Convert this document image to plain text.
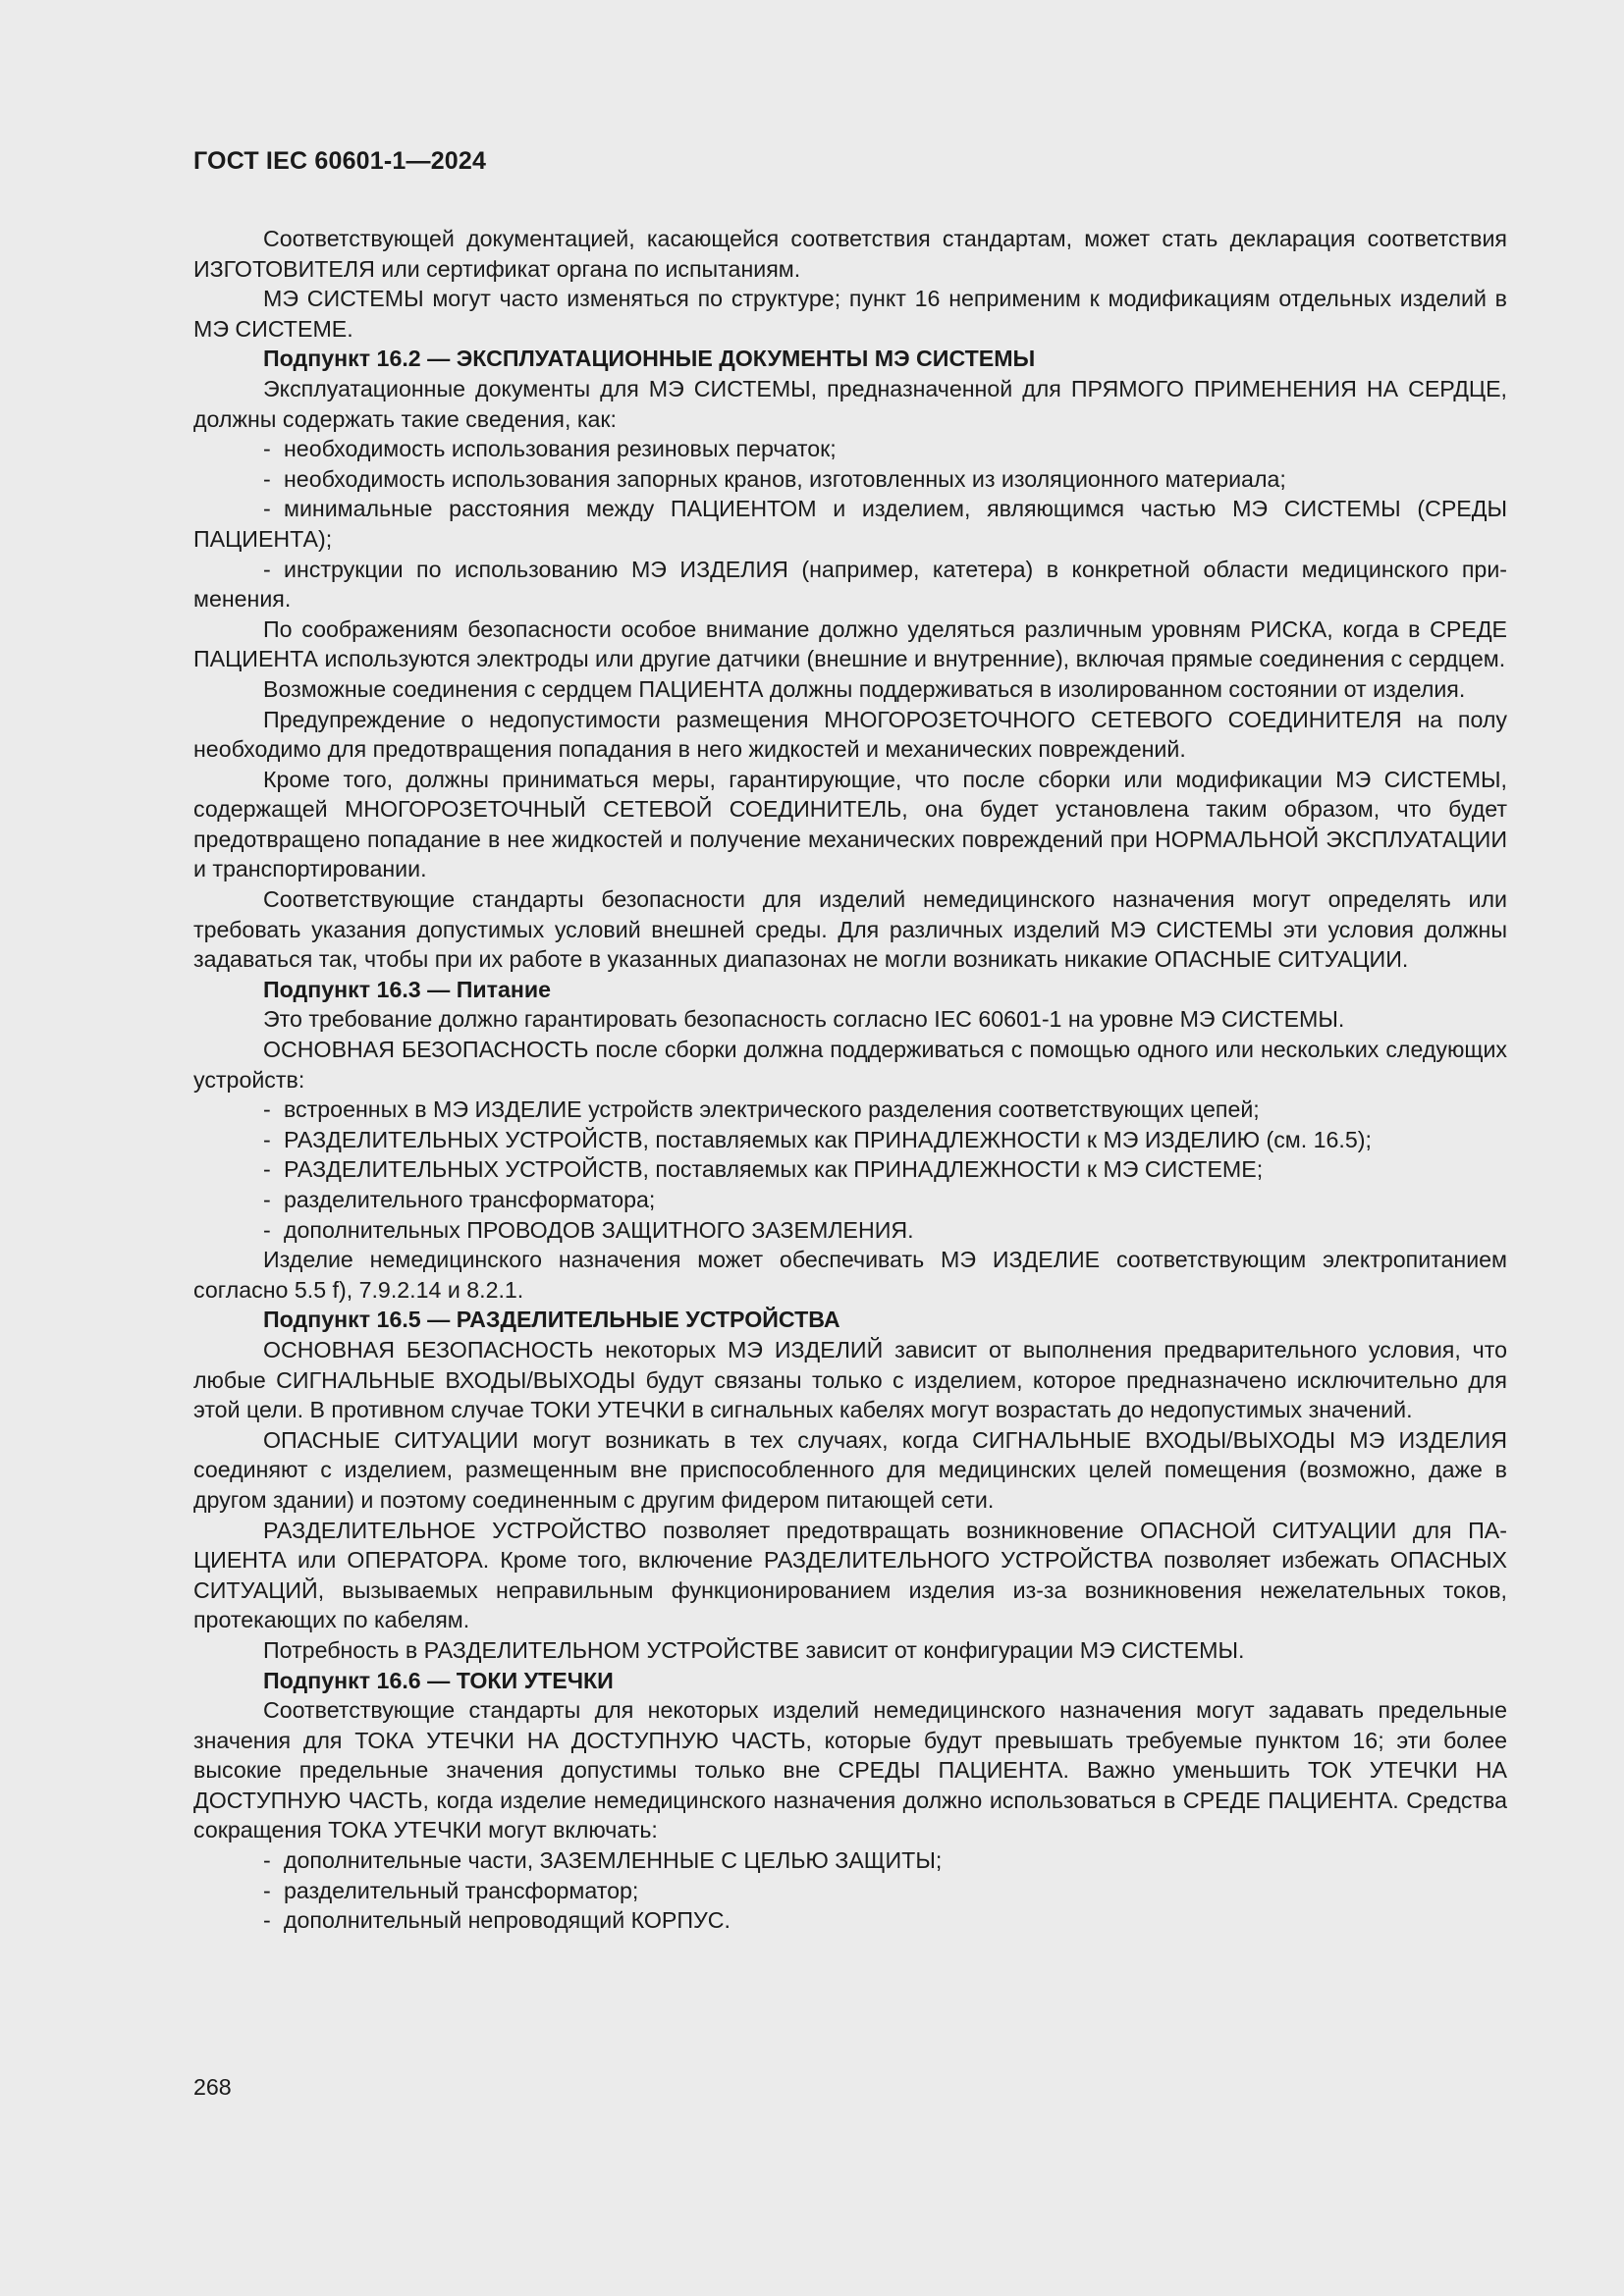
ГОСТ IEC 60601-1—2024

Соответствующей документацией, касающейся соответствия стандартам, может стать декларация соответствия ИЗГОТОВИТЕЛЯ или сертификат органа по испытаниям.

МЭ СИСТЕМЫ могут часто изменяться по структуре; пункт 16 неприменим к модификациям отдельных изделий в МЭ СИСТЕМЕ.

Подпункт 16.2 — ЭКСПЛУАТАЦИОННЫЕ ДОКУМЕНТЫ МЭ СИСТЕМЫ

Эксплуатационные документы для МЭ СИСТЕМЫ, предназначенной для ПРЯМОГО ПРИМЕНЕНИЯ НА СЕРДЦЕ, должны содержать такие сведения, как:

- необходимость использования резиновых перчаток;

- необходимость использования запорных кранов, изготовленных из изоляционного материала;

- минимальные расстояния между ПАЦИЕНТОМ и изделием, являющимся частью МЭ СИСТЕМЫ (СРЕДЫ ПАЦИЕНТА);

- инструкции по использованию МЭ ИЗДЕЛИЯ (например, катетера) в конкретной области медицинского применения.

По соображениям безопасности особое внимание должно уделяться различным уровням РИСКА, когда в СРЕДЕ ПАЦИЕНТА используются электроды или другие датчики (внешние и внутренние), включая прямые соединения с сердцем.

Возможные соединения с сердцем ПАЦИЕНТА должны поддерживаться в изолированном состоянии от изделия.

Предупреждение о недопустимости размещения МНОГОРОЗЕТОЧНОГО СЕТЕВОГО СОЕДИНИТЕЛЯ на полу необходимо для предотвращения попадания в него жидкостей и механических повреждений.

Кроме того, должны приниматься меры, гарантирующие, что после сборки или модификации МЭ СИСТЕМЫ, содержащей МНОГОРОЗЕТОЧНЫЙ СЕТЕВОЙ СОЕДИНИТЕЛЬ, она будет установлена таким образом, что будет предотвращено попадание в нее жидкостей и получение механических повреждений при НОРМАЛЬНОЙ ЭКСПЛУАТАЦИИ и транспортировании.

Соответствующие стандарты безопасности для изделий немедицинского назначения могут определять или требовать указания допустимых условий внешней среды. Для различных изделий МЭ СИСТЕМЫ эти условия должны задаваться так, чтобы при их работе в указанных диапазонах не могли возникать никакие ОПАСНЫЕ СИТУАЦИИ.

Подпункт 16.3 — Питание

Это требование должно гарантировать безопасность согласно IEC 60601-1 на уровне МЭ СИСТЕМЫ.

ОСНОВНАЯ БЕЗОПАСНОСТЬ после сборки должна поддерживаться с помощью одного или нескольких следующих устройств:

- встроенных в МЭ ИЗДЕЛИЕ устройств электрического разделения соответствующих цепей;

- РАЗДЕЛИТЕЛЬНЫХ УСТРОЙСТВ, поставляемых как ПРИНАДЛЕЖНОСТИ к МЭ ИЗДЕЛИЮ (см. 16.5);

- РАЗДЕЛИТЕЛЬНЫХ УСТРОЙСТВ, поставляемых как ПРИНАДЛЕЖНОСТИ к МЭ СИСТЕМЕ;

- разделительного трансформатора;

- дополнительных ПРОВОДОВ ЗАЩИТНОГО ЗАЗЕМЛЕНИЯ.

Изделие немедицинского назначения может обеспечивать МЭ ИЗДЕЛИЕ соответствующим электропитанием согласно 5.5 f), 7.9.2.14 и 8.2.1.

Подпункт 16.5 — РАЗДЕЛИТЕЛЬНЫЕ УСТРОЙСТВА

ОСНОВНАЯ БЕЗОПАСНОСТЬ некоторых МЭ ИЗДЕЛИЙ зависит от выполнения предварительного условия, что любые СИГНАЛЬНЫЕ ВХОДЫ/ВЫХОДЫ будут связаны только с изделием, которое предназначено исключительно для этой цели. В противном случае ТОКИ УТЕЧКИ в сигнальных кабелях могут возрастать до недопустимых значений.

ОПАСНЫЕ СИТУАЦИИ могут возникать в тех случаях, когда СИГНАЛЬНЫЕ ВХОДЫ/ВЫХОДЫ МЭ ИЗДЕЛИЯ соединяют с изделием, размещенным вне приспособленного для медицинских целей помещения (возможно, даже в другом здании) и поэтому соединенным с другим фидером питающей сети.

РАЗДЕЛИТЕЛЬНОЕ УСТРОЙСТВО позволяет предотвращать возникновение ОПАСНОЙ СИТУАЦИИ для ПАЦИЕНТА или ОПЕРАТОРА. Кроме того, включение РАЗДЕЛИТЕЛЬНОГО УСТРОЙСТВА позволяет избежать ОПАСНЫХ СИТУАЦИЙ, вызываемых неправильным функционированием изделия из-за возникновения нежелательных токов, протекающих по кабелям.

Потребность в РАЗДЕЛИТЕЛЬНОМ УСТРОЙСТВЕ зависит от конфигурации МЭ СИСТЕМЫ.

Подпункт 16.6 — ТОКИ УТЕЧКИ

Соответствующие стандарты для некоторых изделий немедицинского назначения могут задавать предельные значения для ТОКА УТЕЧКИ НА ДОСТУПНУЮ ЧАСТЬ, которые будут превышать требуемые пунктом 16; эти более высокие предельные значения допустимы только вне СРЕДЫ ПАЦИЕНТА. Важно уменьшить ТОК УТЕЧКИ НА ДОСТУПНУЮ ЧАСТЬ, когда изделие немедицинского назначения должно использоваться в СРЕДЕ ПАЦИЕНТА. Средства сокращения ТОКА УТЕЧКИ могут включать:

- дополнительные части, ЗАЗЕМЛЕННЫЕ С ЦЕЛЬЮ ЗАЩИТЫ;

- разделительный трансформатор;

- дополнительный непроводящий КОРПУС.

268
